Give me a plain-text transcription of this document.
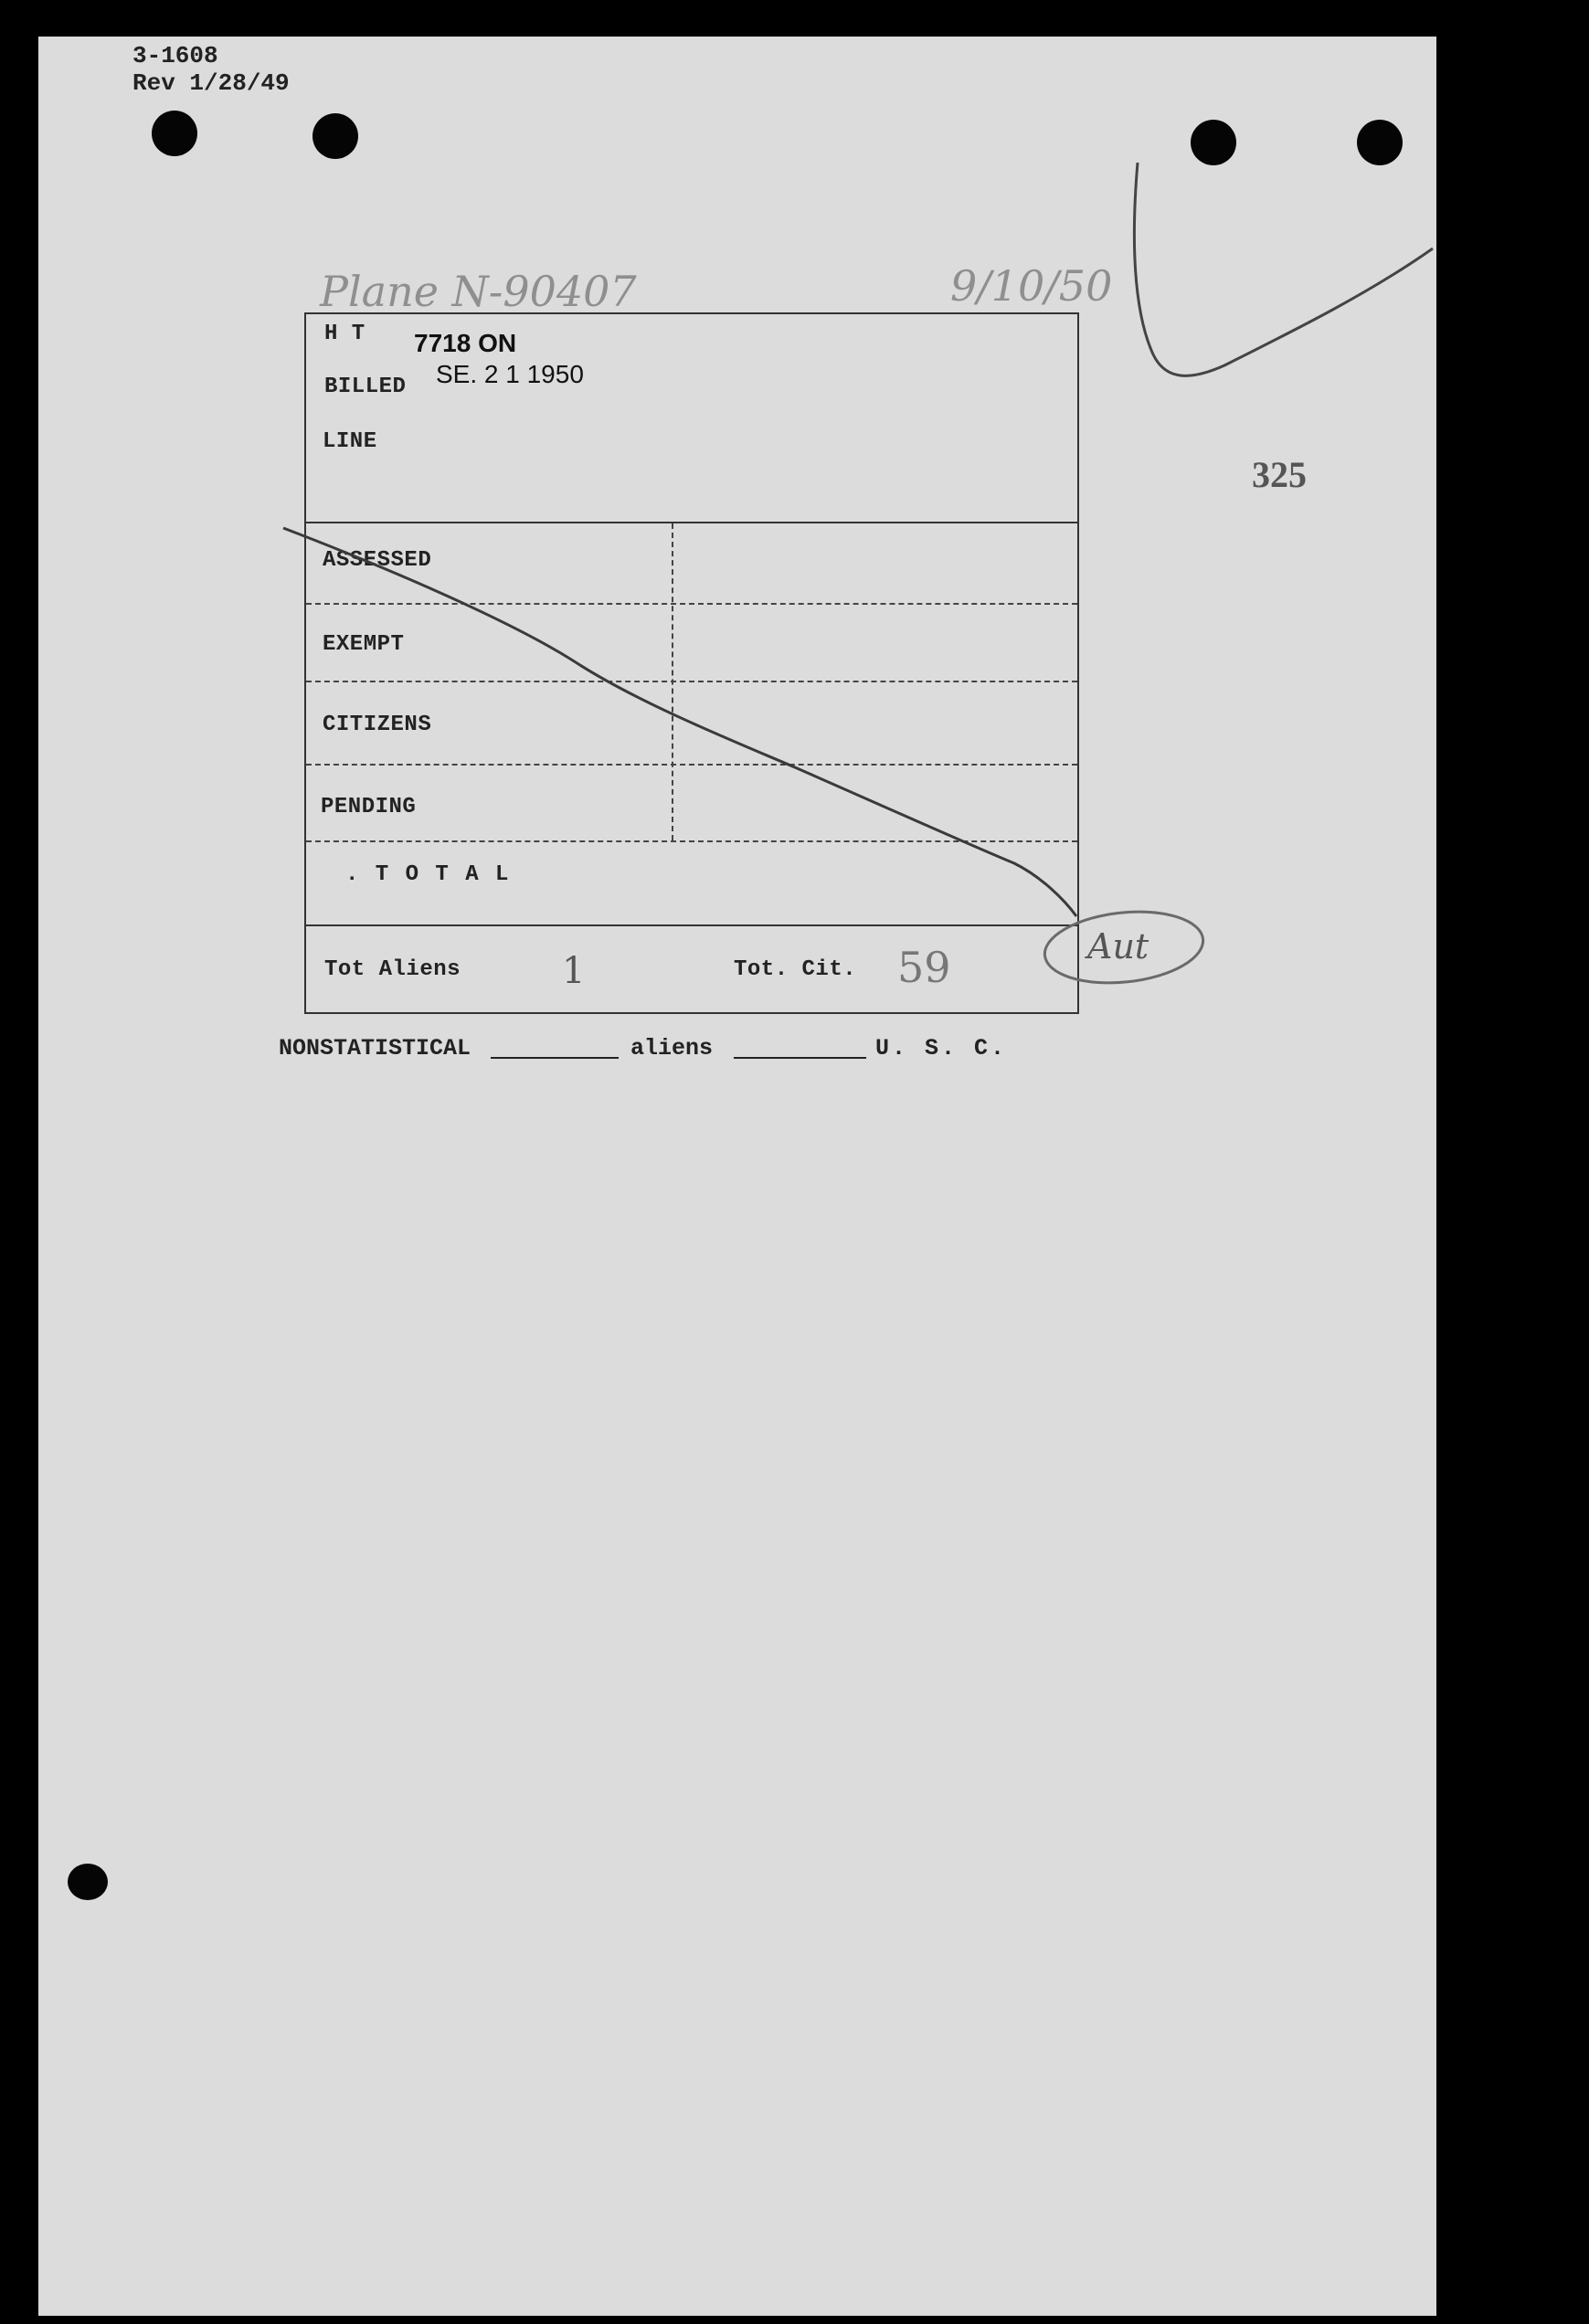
3-1608
Rev 1/28/49
Plane N-90407	9/10/50
325
H T 7718 ON
BILLED SE. 2 1 1950
LINE
ASSESSED
EXEMPT
CITIZENS
PENDING
. T O T A L
Tot Aliens	1	Tot. Cit. 59	Aut
NONSTATISTICAL	aliens	U. S. C.
